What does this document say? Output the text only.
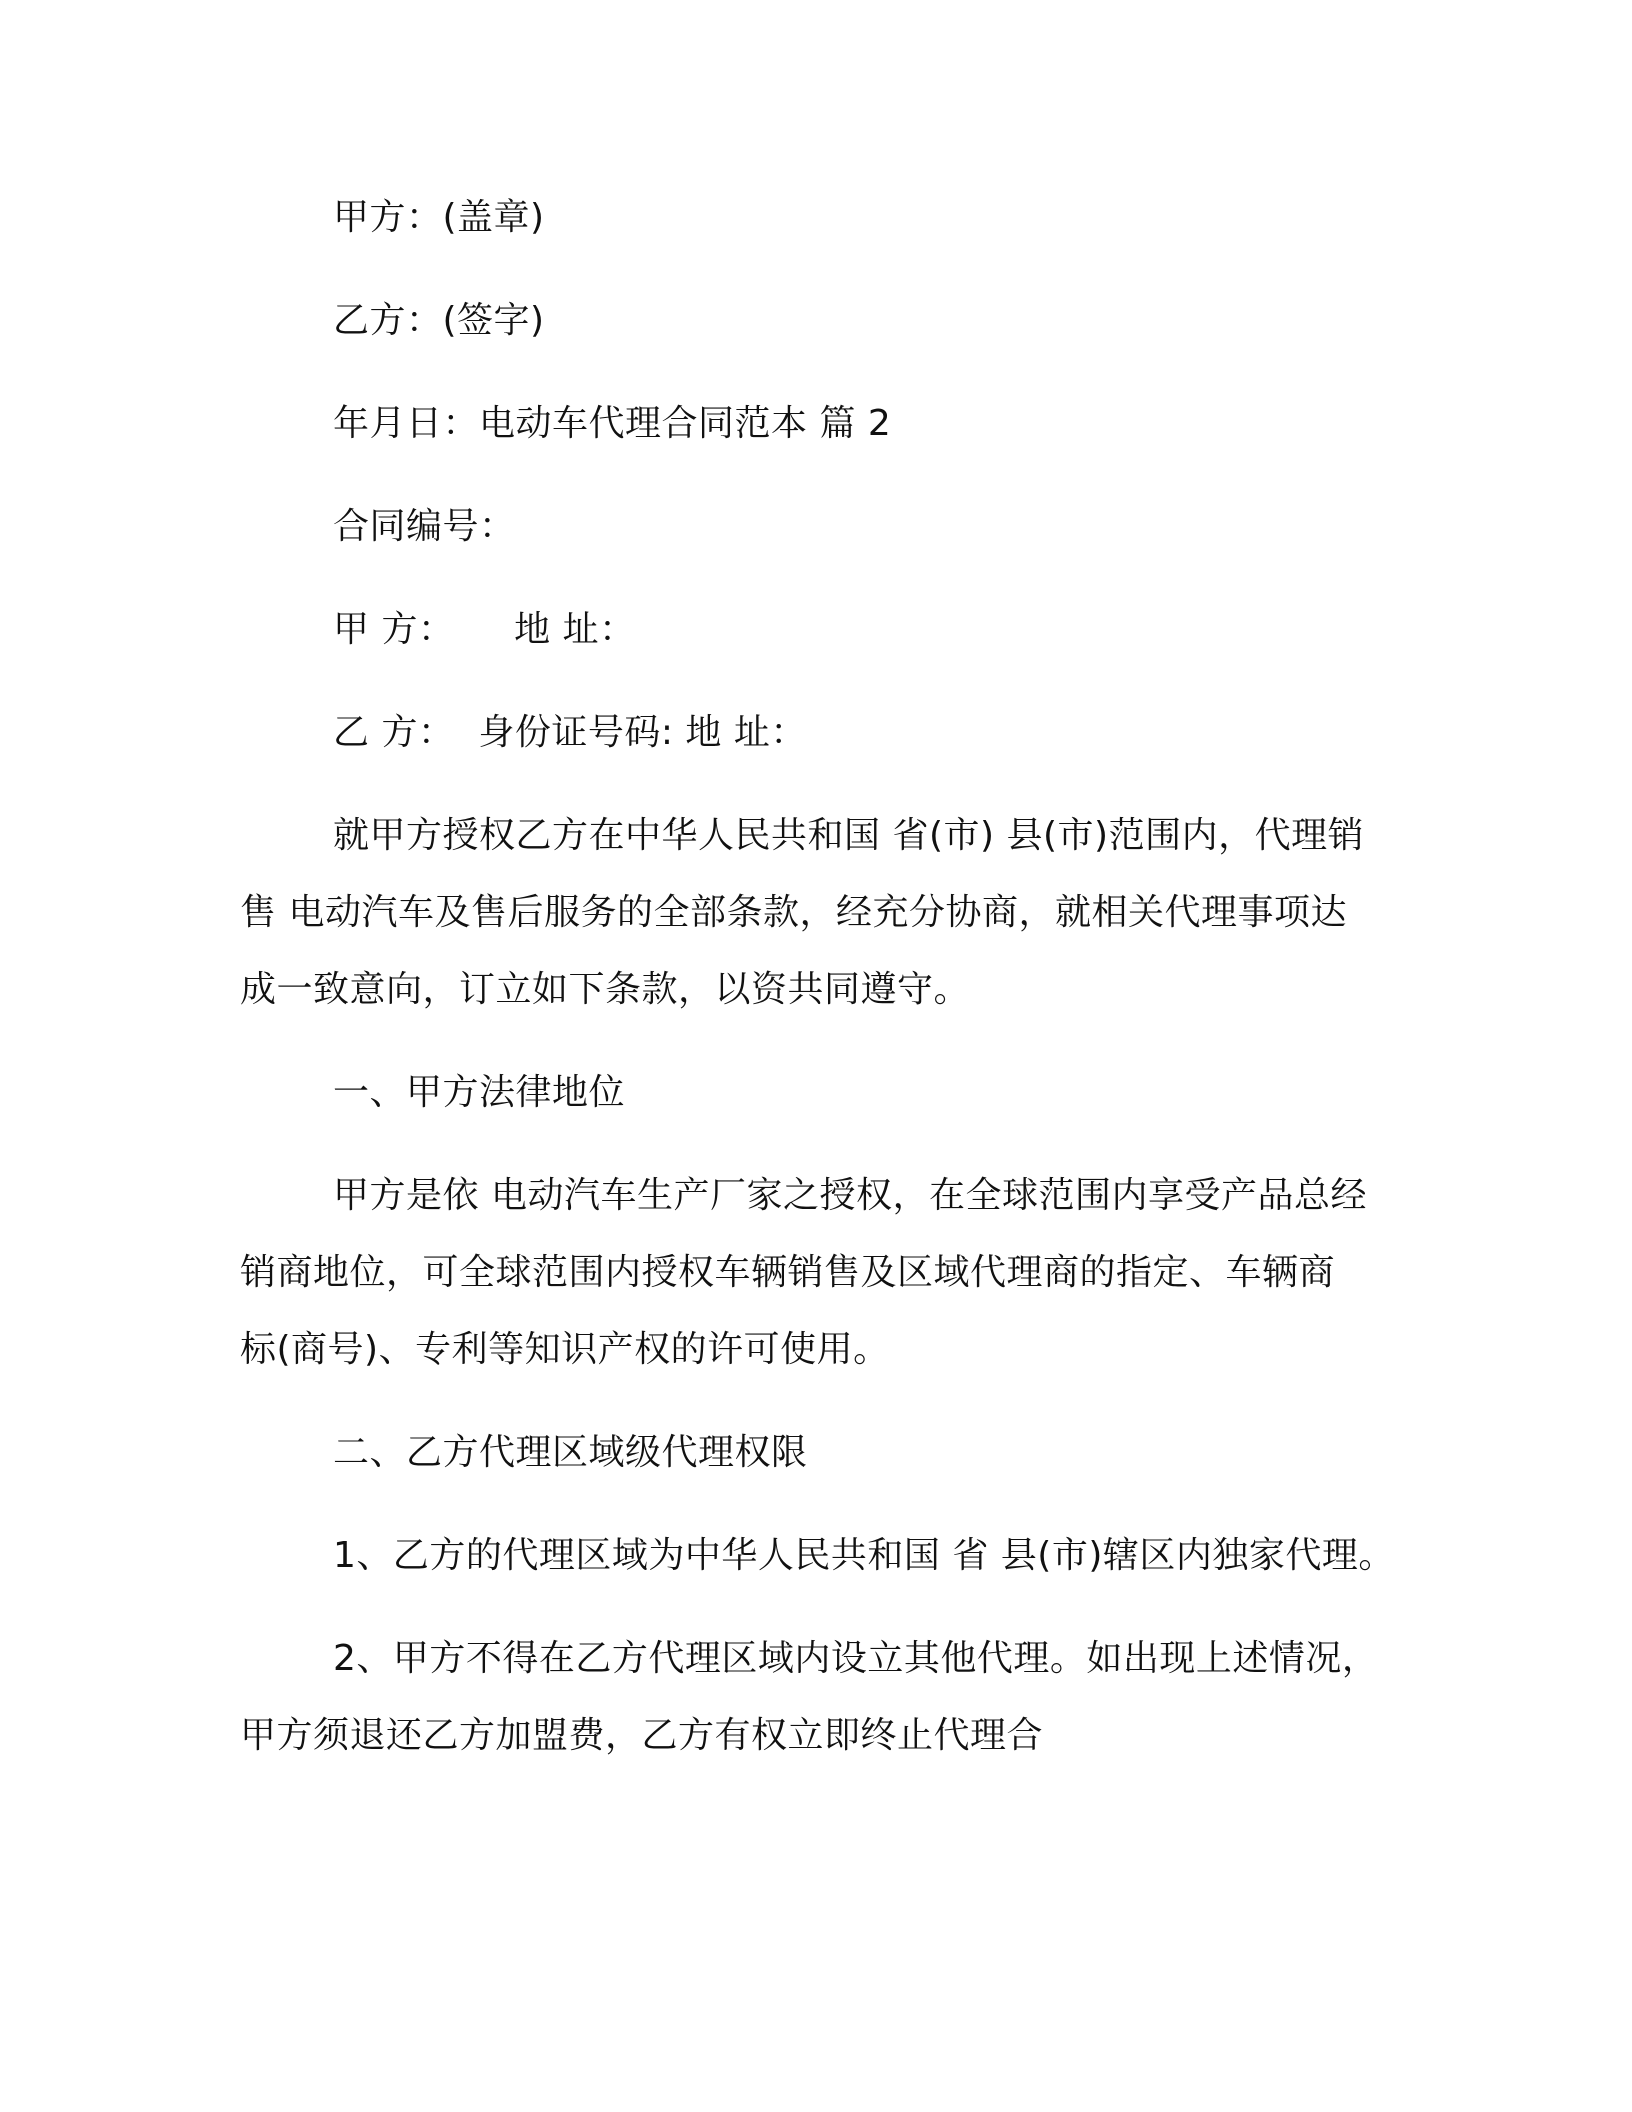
甲方：(盖章)
乙方：(签字)
年月日：电动车代理合同范本 篇 2
合同编号：
甲 方：     地 址：
乙 方：  身份证号码: 地 址：
就甲方授权乙方在中华人民共和国 省(市) 县(市)范围内，代理销
售 电动汽车及售后服务的全部条款，经充分协商，就相关代理事项达
成一致意向，订立如下条款，以资共同遵守。
一、甲方法律地位
甲方是依 电动汽车生产厂家之授权，在全球范围内享受产品总经
销商地位，可全球范围内授权车辆销售及区域代理商的指定、车辆商
标(商号)、专利等知识产权的许可使用。
二、乙方代理区域级代理权限
1、乙方的代理区域为中华人民共和国 省 县(市)辖区内独家代理。
2、甲方不得在乙方代理区域内设立其他代理。如出现上述情况，
甲方须退还乙方加盟费，乙方有权立即终止代理合
